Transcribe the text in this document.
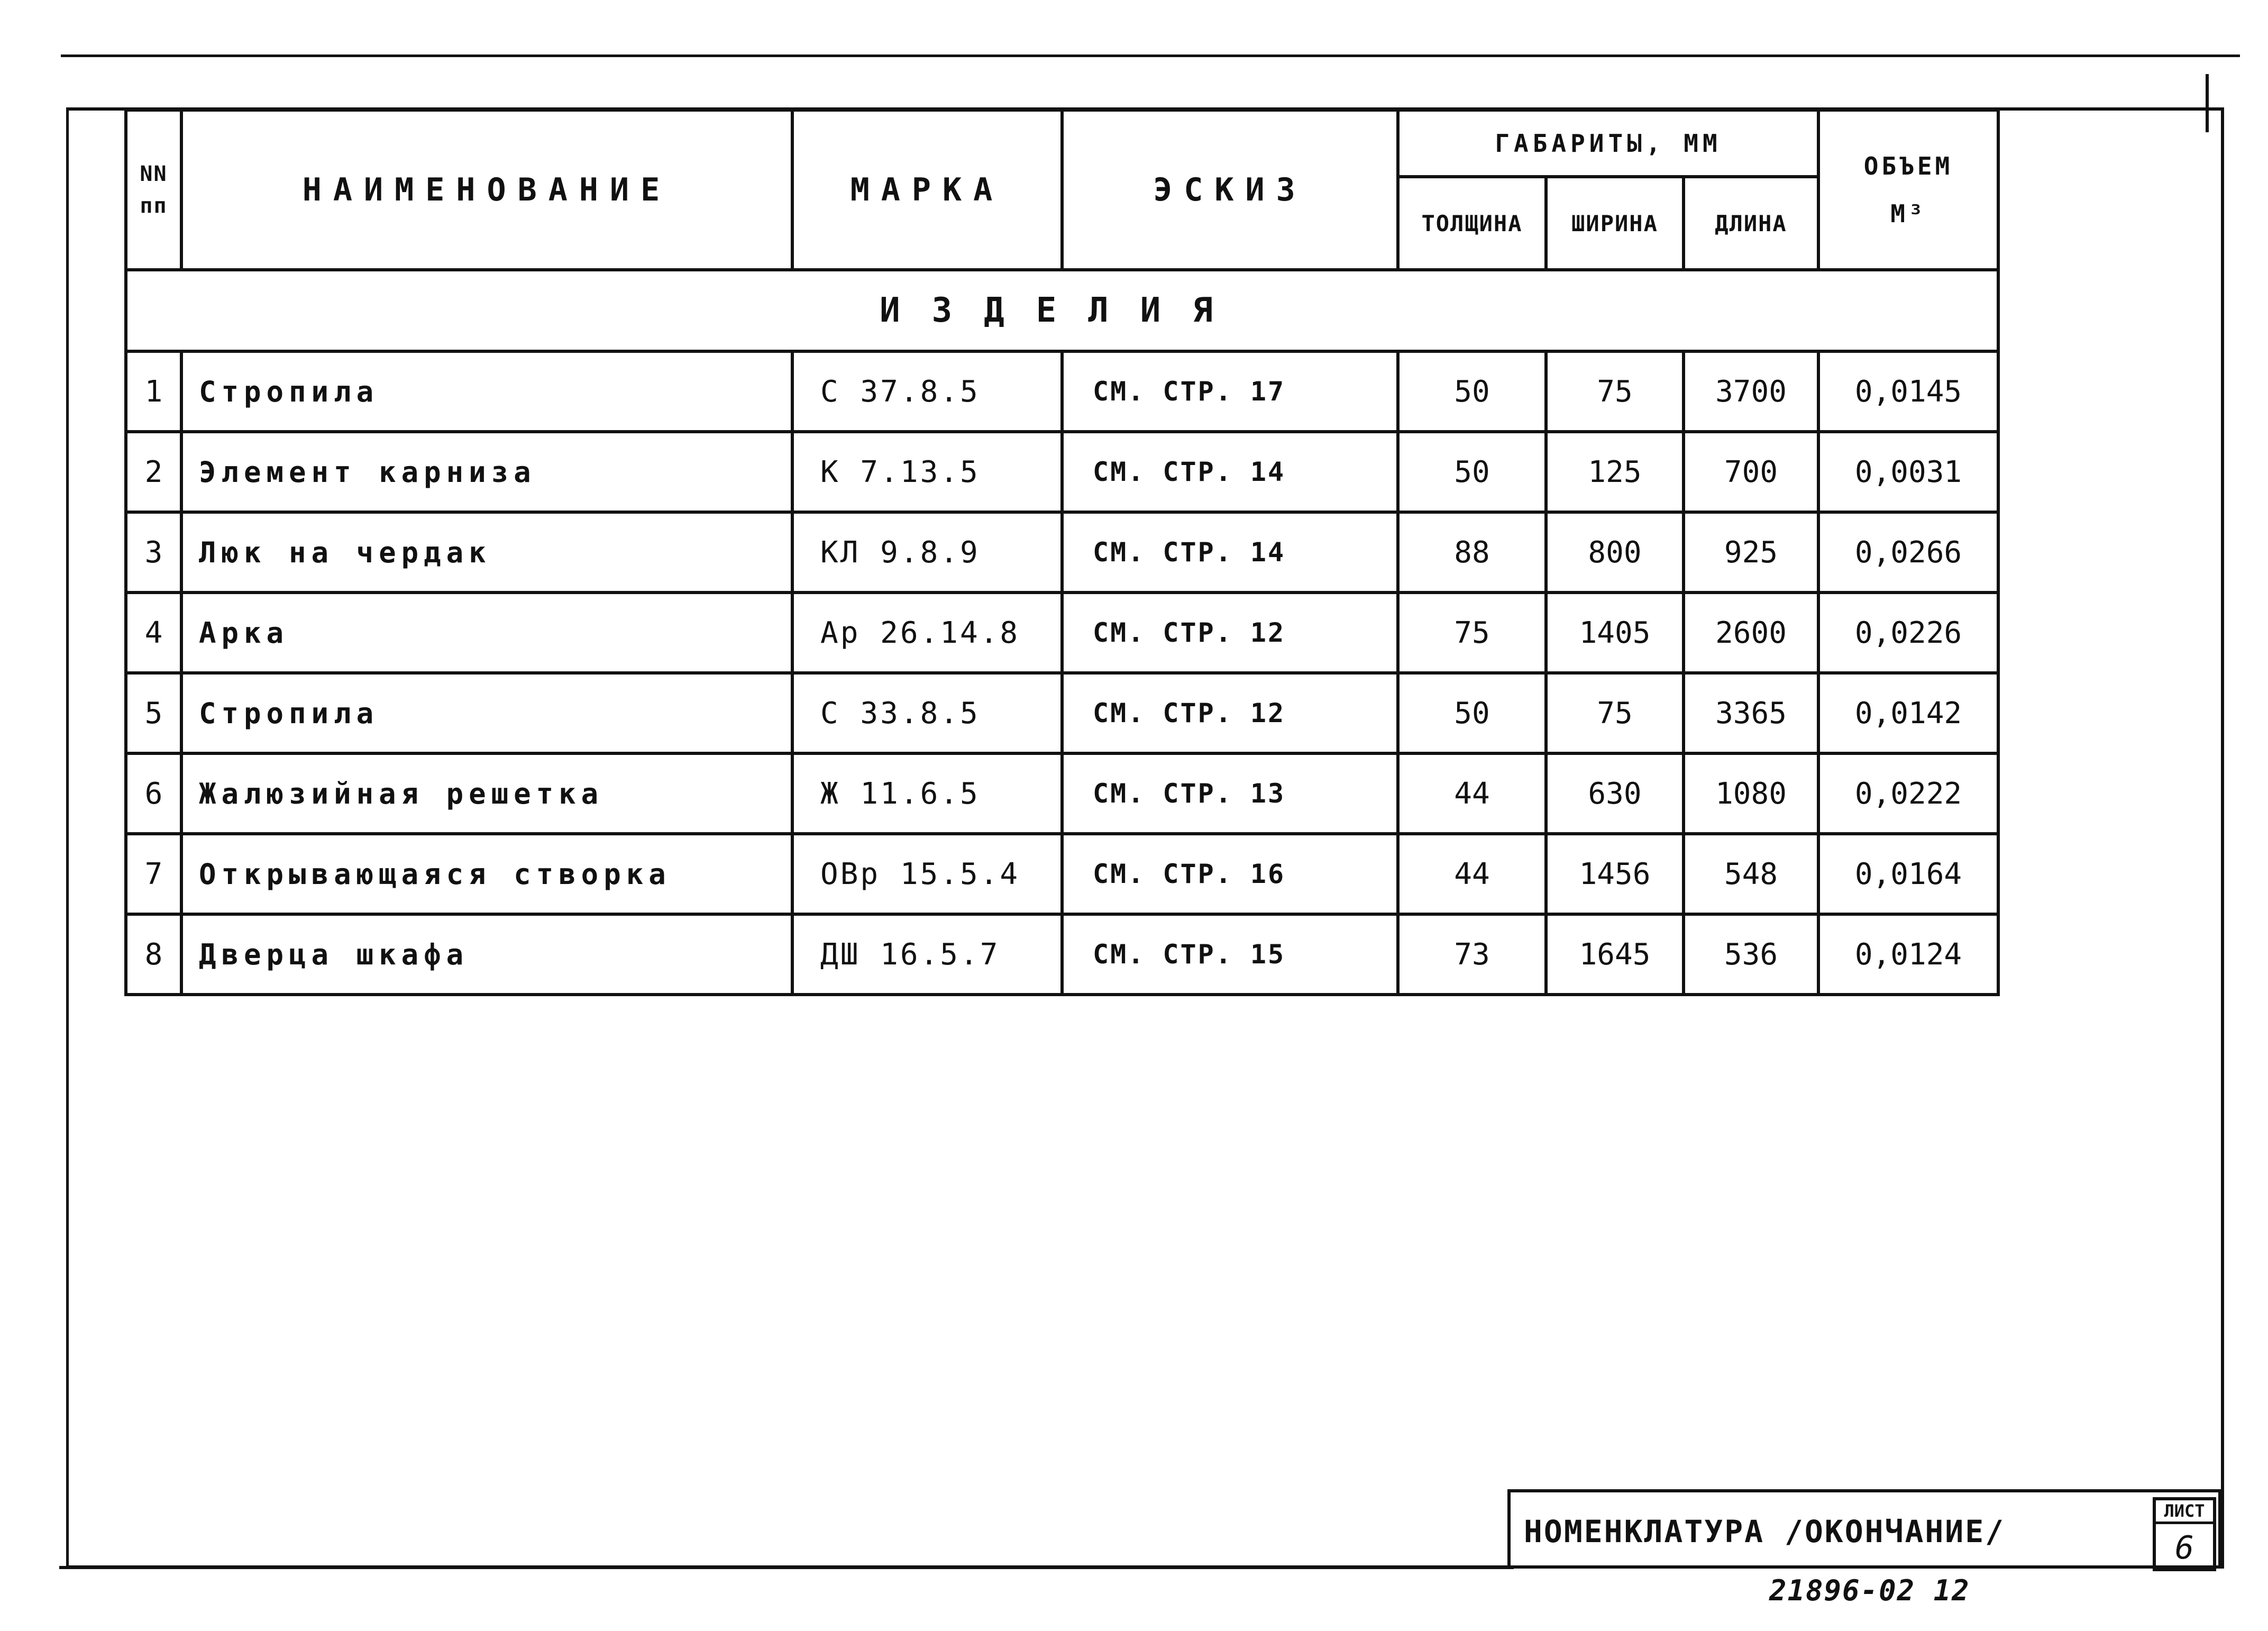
NN
пп	НАИМЕНОВАНИЕ	МАРКА	ЭСКИЗ	ГАБАРИТЫ, ММ			ОБЪЕМ
М³
				ТОЛЩИНА	ШИРИНА	ДЛИНА	
ИЗДЕЛИЯ							
1	Стропила	С 37.8.5	СМ. СТР. 17	50	75	3700	0,0145
2	Элемент карниза	К 7.13.5	СМ. СТР. 14	50	125	700	0,0031
3	Люк на чердак	КЛ 9.8.9	СМ. СТР. 14	88	800	925	0,0266
4	Арка	Ар 26.14.8	СМ. СТР. 12	75	1405	2600	0,0226
5	Стропила	С 33.8.5	СМ. СТР. 12	50	75	3365	0,0142
6	Жалюзийная решетка	Ж 11.6.5	СМ. СТР. 13	44	630	1080	0,0222
7	Открывающаяся створка	ОВр 15.5.4	СМ. СТР. 16	44	1456	548	0,0164
8	Дверца шкафа	ДШ 16.5.7	СМ. СТР. 15	73	1645	536	0,0124
НОМЕНКЛАТУРА /ОКОНЧАНИЕ/
ЛИСТ
6
21896-02 12
